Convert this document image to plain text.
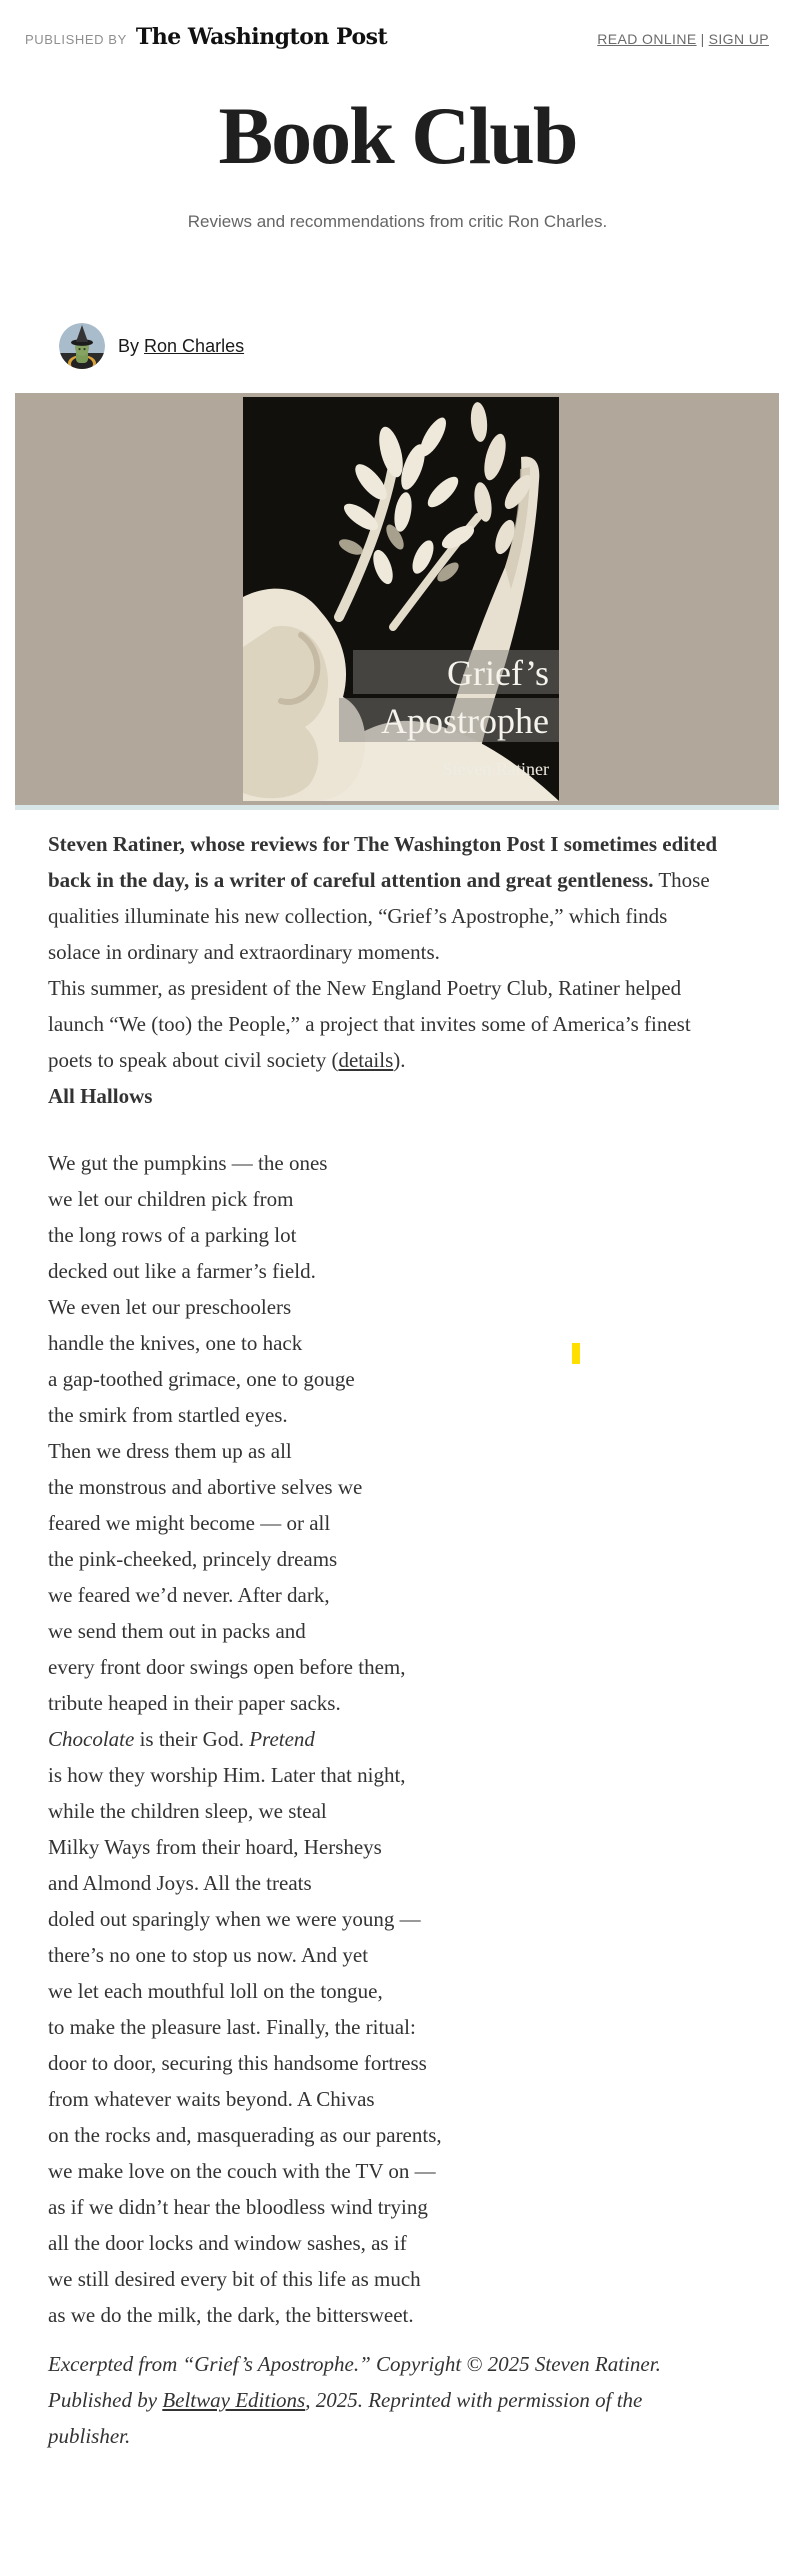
PUBLISHED BY The Washington Post	READ ONLINE | SIGN UP
Book Club
Reviews and recommendations from critic Ron Charles.
By Ron Charles
Grief’s
Apostrophe
Steven Ratiner

Steven Ratiner, whose reviews for The Washington Post I sometimes edited back in the day, is a writer of careful attention and great gentleness. Those qualities illuminate his new collection, “Grief’s Apostrophe,” which finds solace in ordinary and extraordinary moments.

This summer, as president of the New England Poetry Club, Ratiner helped launch “We (too) the People,” a project that invites some of America’s finest poets to speak about civil society (details).

All Hallows
We gut the pumpkins — the ones
we let our children pick from
the long rows of a parking lot
decked out like a farmer’s field.
We even let our preschoolers
handle the knives, one to hack
a gap-toothed grimace, one to gouge
the smirk from startled eyes.
Then we dress them up as all
the monstrous and abortive selves we
feared we might become — or all
the pink-cheeked, princely dreams
we feared we’d never. After dark,
we send them out in packs and
every front door swings open before them,
tribute heaped in their paper sacks.
Chocolate is their God. Pretend
is how they worship Him. Later that night,
while the children sleep, we steal
Milky Ways from their hoard, Hersheys
and Almond Joys. All the treats
doled out sparingly when we were young —
there’s no one to stop us now. And yet
we let each mouthful loll on the tongue,
to make the pleasure last. Finally, the ritual:
door to door, securing this handsome fortress
from whatever waits beyond. A Chivas
on the rocks and, masquerading as our parents,
we make love on the couch with the TV on —
as if we didn’t hear the bloodless wind trying
all the door locks and window sashes, as if
we still desired every bit of this life as much
as we do the milk, the dark, the bittersweet.

Excerpted from “Grief’s Apostrophe.” Copyright © 2025 Steven Ratiner. Published by Beltway Editions, 2025. Reprinted with permission of the publisher.
